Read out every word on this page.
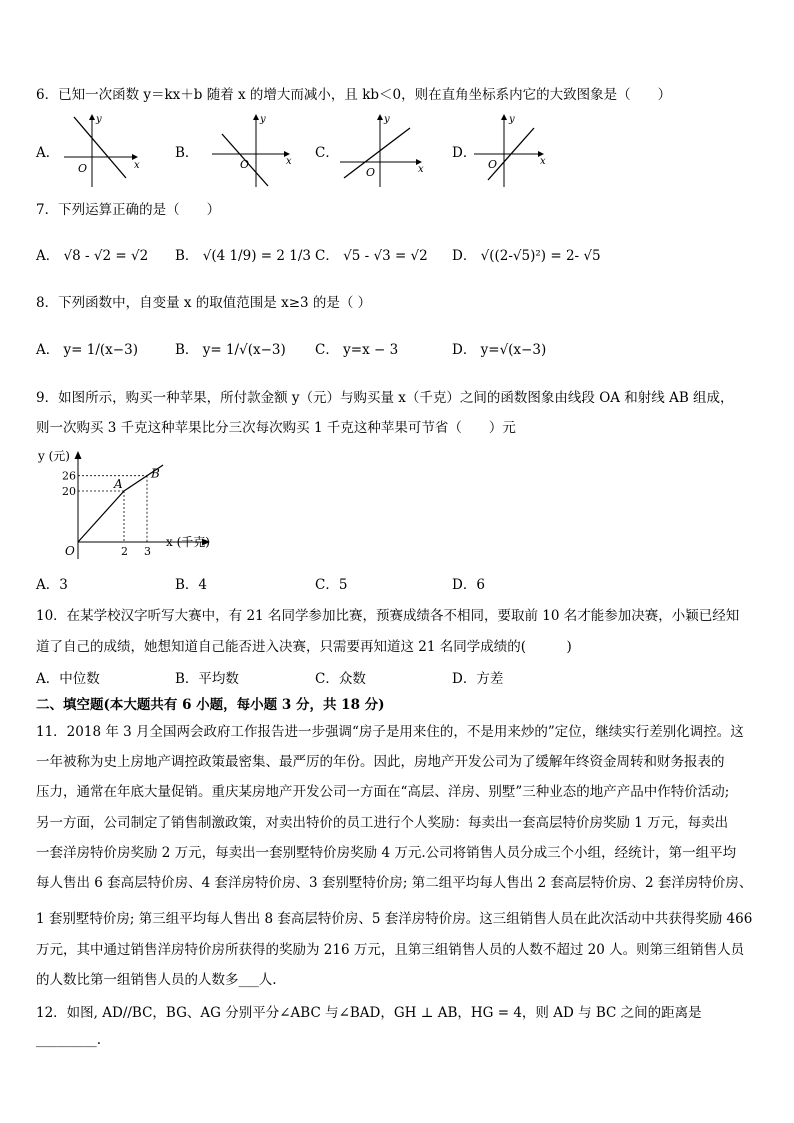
6．已知一次函数 y＝kx＋b 随着 x 的增大而减小，且 kb＜0，则在直角坐标系内它的大致图象是（　　）
A．
y
x
O
B．
y
x
O
C．
y
x
O
D．
y
x
O
7．下列运算正确的是（　　）
A． √8 - √2 = √2 B． √(4 1/9) = 2 1/3 C． √5 - √3 = √2 D． √((2-√5)²) = 2- √5
8．下列函数中，自变量 x 的取值范围是 x≥3 的是（ ）
A． y= 1/(x−3)	B． y= 1/√(x−3) C． y=x − 3	D． y=√(x−3)
9．如图所示，购买一种苹果，所付款金额 y（元）与购买量 x（千克）之间的函数图象由线段 OA 和射线 AB 组成，
则一次购买 3 千克这种苹果比分三次每次购买 1 千克这种苹果可节省（　　）元
O
A
B
2 3
20
26
y (元)
x (千克)
A．3	B．4	C．5	D．6
10．在某学校汉字听写大赛中，有 21 名同学参加比赛，预赛成绩各不相同，要取前 10 名才能参加决赛，小颖已经知
道了自己的成绩，她想知道自己能否进入决赛，只需要再知道这 21 名同学成绩的(　　　)
A．中位数	B．平均数	C．众数	D．方差
二、填空题(本大题共有 6 小题，每小题 3 分，共 18 分)
11．2018 年 3 月全国两会政府工作报告进一步强调“房子是用来住的，不是用来炒的”定位，继续实行差别化调控。这
一年被称为史上房地产调控政策最密集、最严厉的年份。因此，房地产开发公司为了缓解年终资金周转和财务报表的
压力，通常在年底大量促销。重庆某房地产开发公司一方面在“高层、洋房、别墅”三种业态的地产产品中作特价活动;
另一方面，公司制定了销售制激政策，对卖出特价的员工进行个人奖励：每卖出一套高层特价房奖励 1 万元，每卖出
一套洋房特价房奖励 2 万元，每卖出一套别墅特价房奖励 4 万元.公司将销售人员分成三个小组，经统计，第一组平均
每人售出 6 套高层特价房、4 套洋房特价房、3 套别墅特价房; 第二组平均每人售出 2 套高层特价房、2 套洋房特价房、
1 套别墅特价房; 第三组平均每人售出 8 套高层特价房、5 套洋房特价房。这三组销售人员在此次活动中共获得奖励 466
万元，其中通过销售洋房特价房所获得的奖励为 216 万元，且第三组销售人员的人数不超过 20 人。则第三组销售人员
的人数比第一组销售人员的人数多___人.
12．如图, AD//BC，BG、AG 分别平分∠ABC 与∠BAD，GH ⊥ AB，HG = 4，则 AD 与 BC 之间的距离是
_________.
